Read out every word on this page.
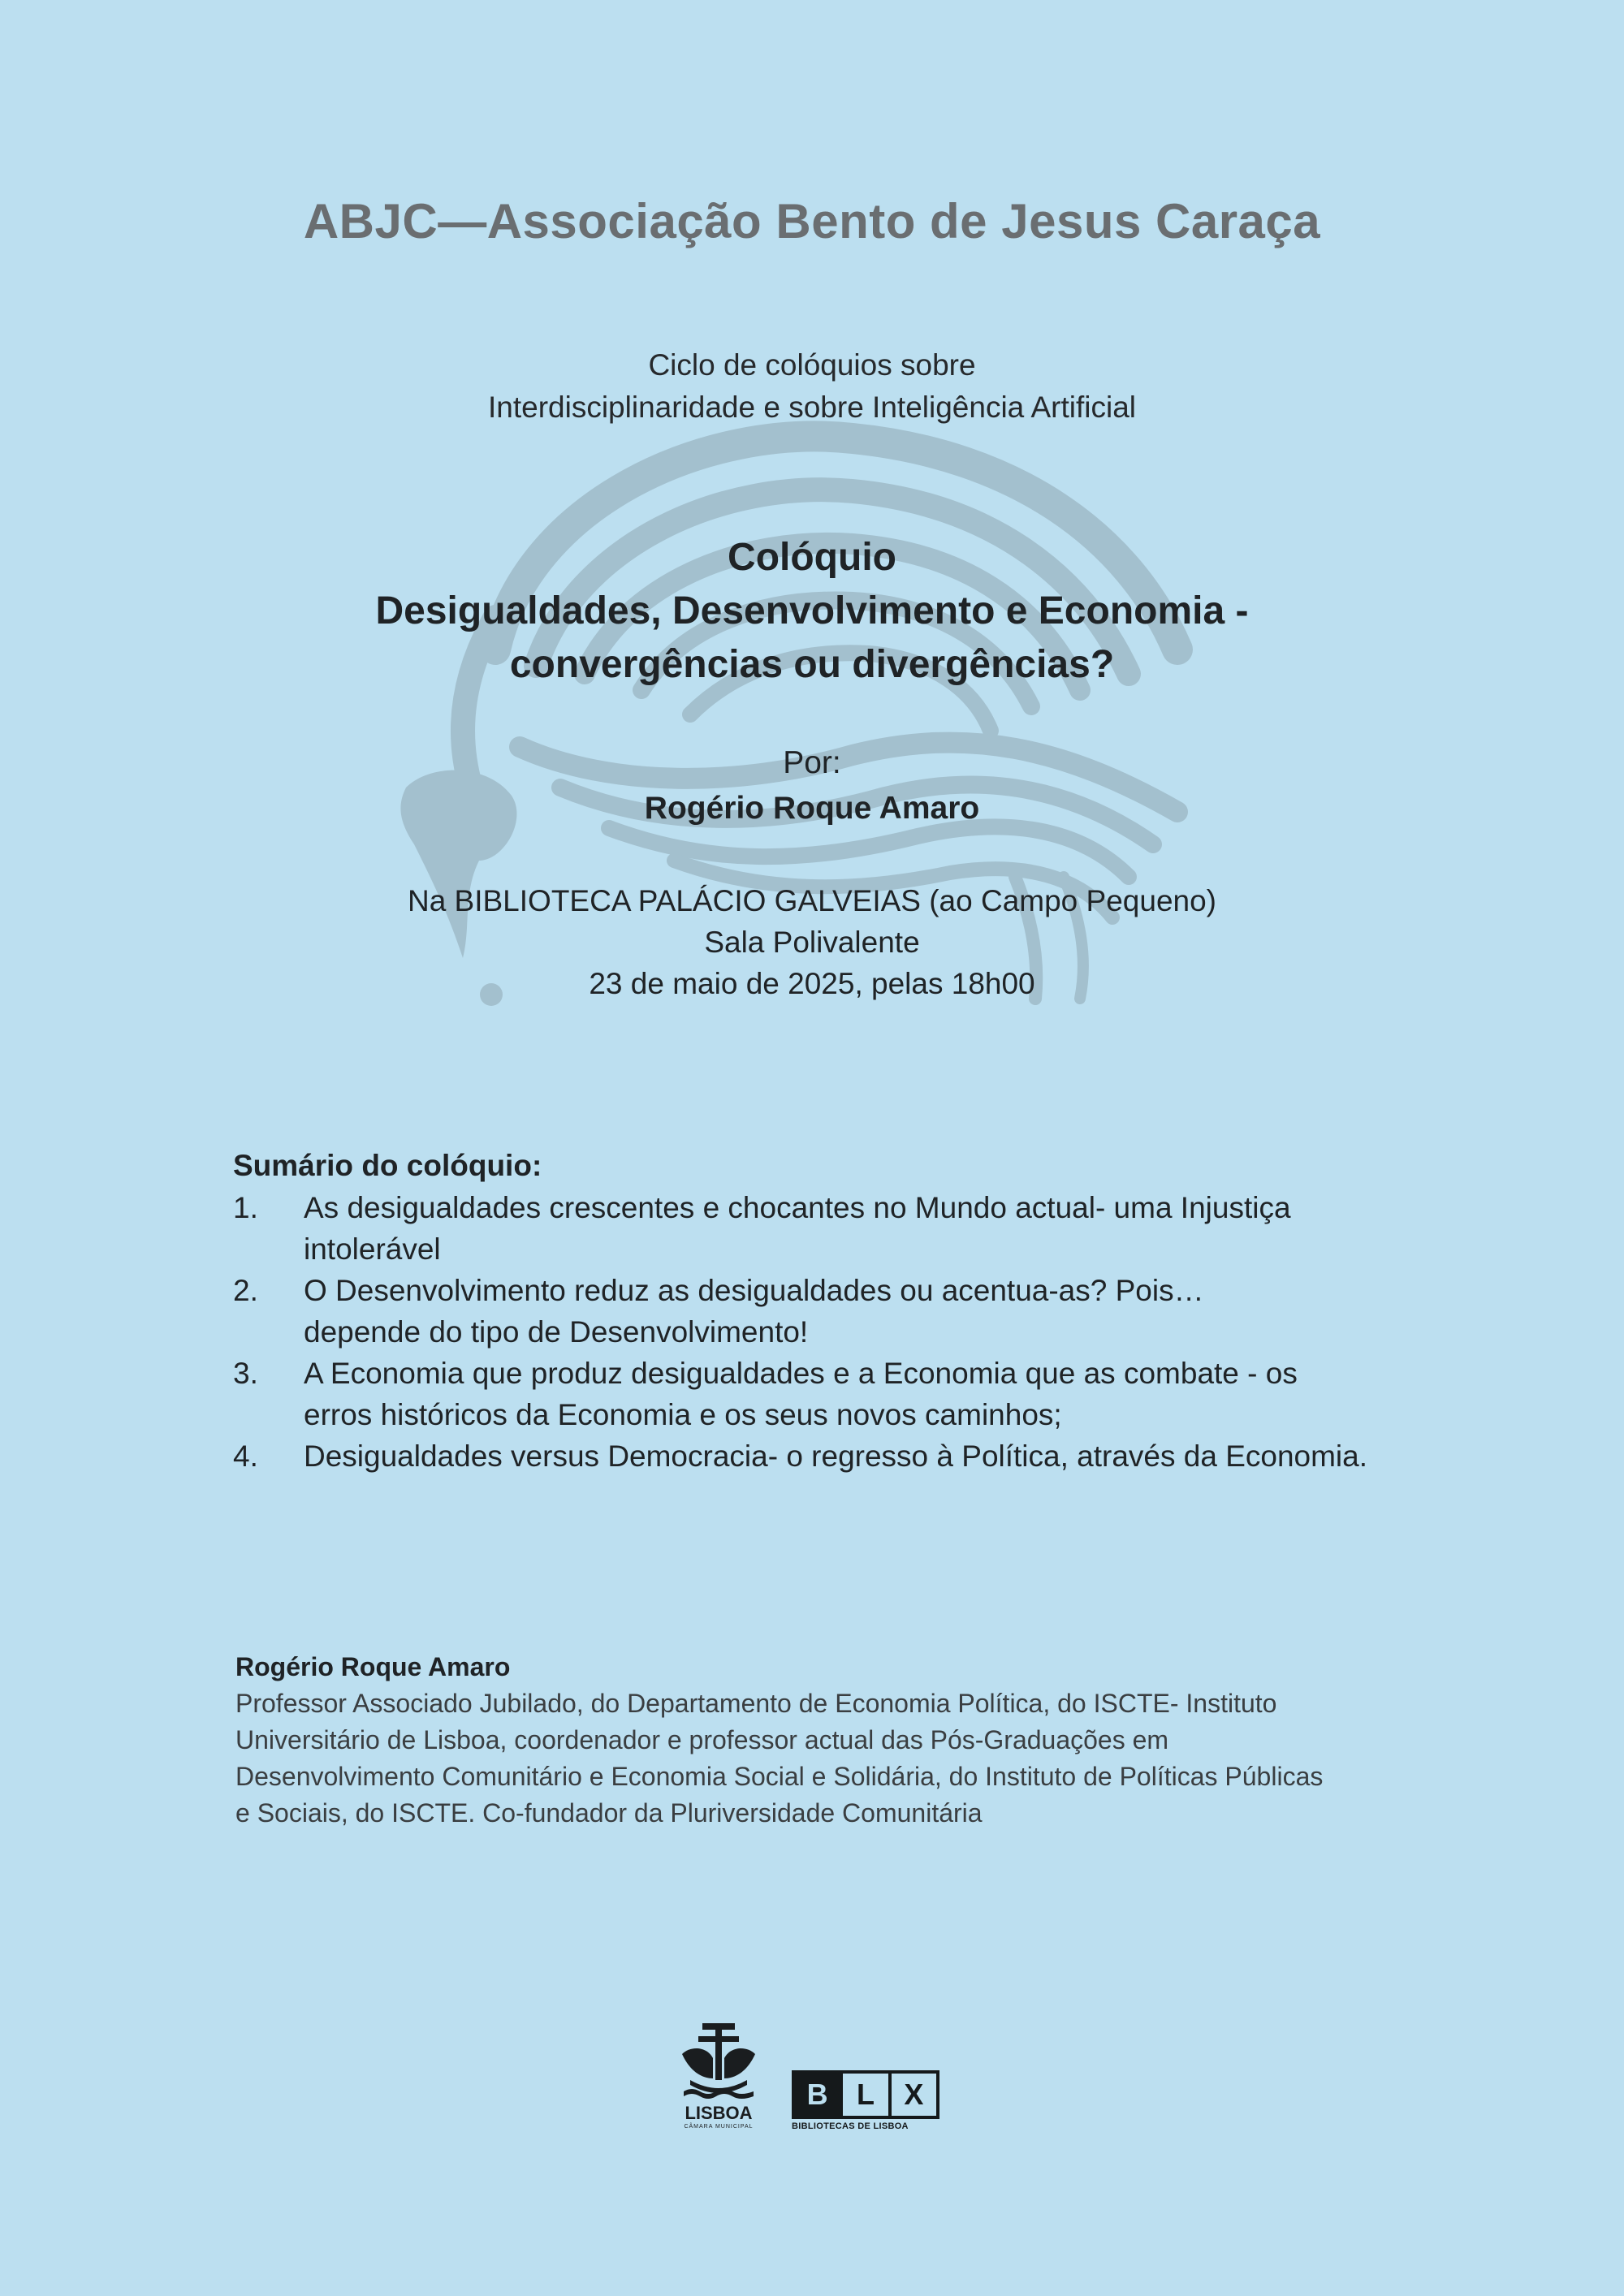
ABJC—Associação Bento de Jesus Caraça
Ciclo de colóquios sobre
Interdisciplinaridade e sobre Inteligência Artificial
Colóquio
Desigualdades, Desenvolvimento e Economia -
convergências ou divergências?
Por:
Rogério Roque Amaro
Na BIBLIOTECA PALÁCIO GALVEIAS (ao Campo Pequeno)
Sala Polivalente
23 de maio de 2025, pelas 18h00

Sumário do colóquio:

1. As desigualdades crescentes e chocantes no Mundo actual- uma Injustiça
intolerável
2. O Desenvolvimento reduz as desigualdades ou acentua-as? Pois…
depende do tipo de Desenvolvimento!
3. A Economia que produz desigualdades e a Economia que as combate - os
erros históricos da Economia e os seus novos caminhos;
4. Desigualdades versus Democracia- o regresso à Política, através da Economia.
Rogério Roque Amaro
Professor Associado Jubilado, do Departamento de Economia Política, do ISCTE- Instituto
Universitário de Lisboa, coordenador e professor actual das Pós-Graduações em
Desenvolvimento Comunitário e Economia Social e Solidária, do Instituto de Políticas Públicas
e Sociais, do ISCTE. Co-fundador da Pluriversidade Comunitária
LISBOA
CÂMARA MUNICIPAL
B L	X
BIBLIOTECAS DE LISBOA
